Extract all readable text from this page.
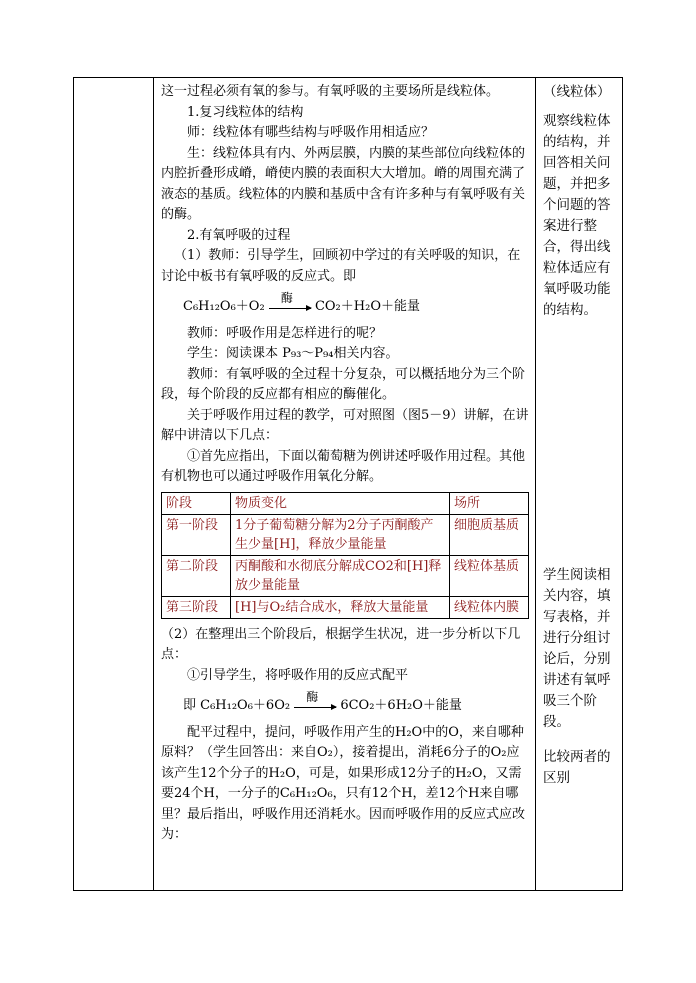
这一过程必须有氧的参与。有氧呼吸的主要场所是线粒体。

1.复习线粒体的结构

师：线粒体有哪些结构与呼吸作用相适应？

生：线粒体具有内、外两层膜，内膜的某些部位向线粒体的内腔折叠形成嵴，嵴使内膜的表面积大大增加。嵴的周围充满了液态的基质。线粒体的内膜和基质中含有许多种与有氧呼吸有关的酶。

2.有氧呼吸的过程

（1）教师：引导学生，回顾初中学过的有关呼吸的知识，在讨论中板书有氧呼吸的反应式。即

C₆H₁₂O₆＋O₂
酶
CO₂＋H₂O＋能量

教师：呼吸作用是怎样进行的呢？

学生：阅读课本 P₉₃～P₉₄相关内容。

教师：有氧呼吸的全过程十分复杂，可以概括地分为三个阶段，每个阶段的反应都有相应的酶催化。

关于呼吸作用过程的教学，可对照图（图5－9）讲解，在讲解中讲清以下几点：

①首先应指出，下面以葡萄糖为例讲述呼吸作用过程。其他有机物也可以通过呼吸作用氧化分解。

阶段	物质变化	场所
第一阶段	1分子葡萄糖分解为2分子丙酮酸产生少量[H]，释放少量能量	细胞质基质
第二阶段	丙酮酸和水彻底分解成CO2和[H]释放少量能量	线粒体基质
第三阶段	[H]与O₂结合成水，释放大量能量	线粒体内膜

（2）在整理出三个阶段后，根据学生状况，进一步分析以下几点：

①引导学生，将呼吸作用的反应式配平

即 C₆H₁₂O₆＋6O₂
酶
6CO₂＋6H₂O＋能量

配平过程中，提问，呼吸作用产生的H₂O中的O，来自哪种原料？（学生回答出：来自O₂），接着提出，消耗6分子的O₂应该产生12个分子的H₂O，可是，如果形成12分子的H₂O，又需要24个H，一分子的C₆H₁₂O₆，只有12个H，差12个H来自哪里？最后指出，呼吸作用还消耗水。因而呼吸作用的反应式应改为：

（线粒体）

观察线粒体的结构，并回答相关问题，并把多个问题的答案进行整合，得出线粒体适应有氧呼吸功能的结构。

学生阅读相关内容，填写表格，并进行分组讨论后，分别讲述有氧呼吸三个阶段。

比较两者的区别
